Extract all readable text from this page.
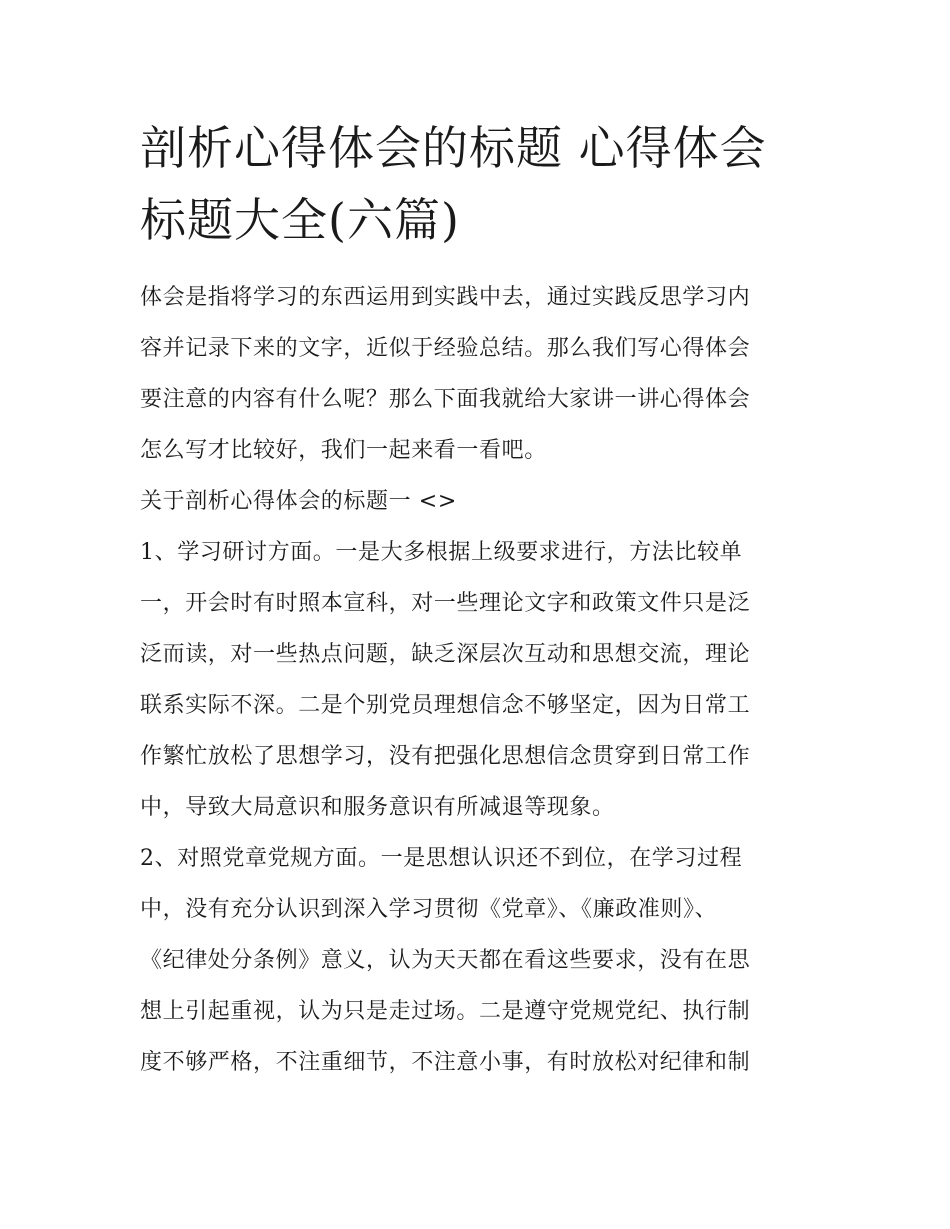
剖析心得体会的标题 心得体会
标题大全(六篇)
体会是指将学习的东西运用到实践中去，通过实践反思学习内
容并记录下来的文字，近似于经验总结。那么我们写心得体会
要注意的内容有什么呢？那么下面我就给大家讲一讲心得体会
怎么写才比较好，我们一起来看一看吧。
关于剖析心得体会的标题一 <>
1、学习研讨方面。一是大多根据上级要求进行，方法比较单
一，开会时有时照本宣科，对一些理论文字和政策文件只是泛
泛而读，对一些热点问题，缺乏深层次互动和思想交流，理论
联系实际不深。二是个别党员理想信念不够坚定，因为日常工
作繁忙放松了思想学习，没有把强化思想信念贯穿到日常工作
中，导致大局意识和服务意识有所减退等现象。
2、对照党章党规方面。一是思想认识还不到位，在学习过程
中，没有充分认识到深入学习贯彻《党章》、《廉政准则》、
《纪律处分条例》意义，认为天天都在看这些要求，没有在思
想上引起重视，认为只是走过场。二是遵守党规党纪、执行制
度不够严格，不注重细节，不注意小事，有时放松对纪律和制
